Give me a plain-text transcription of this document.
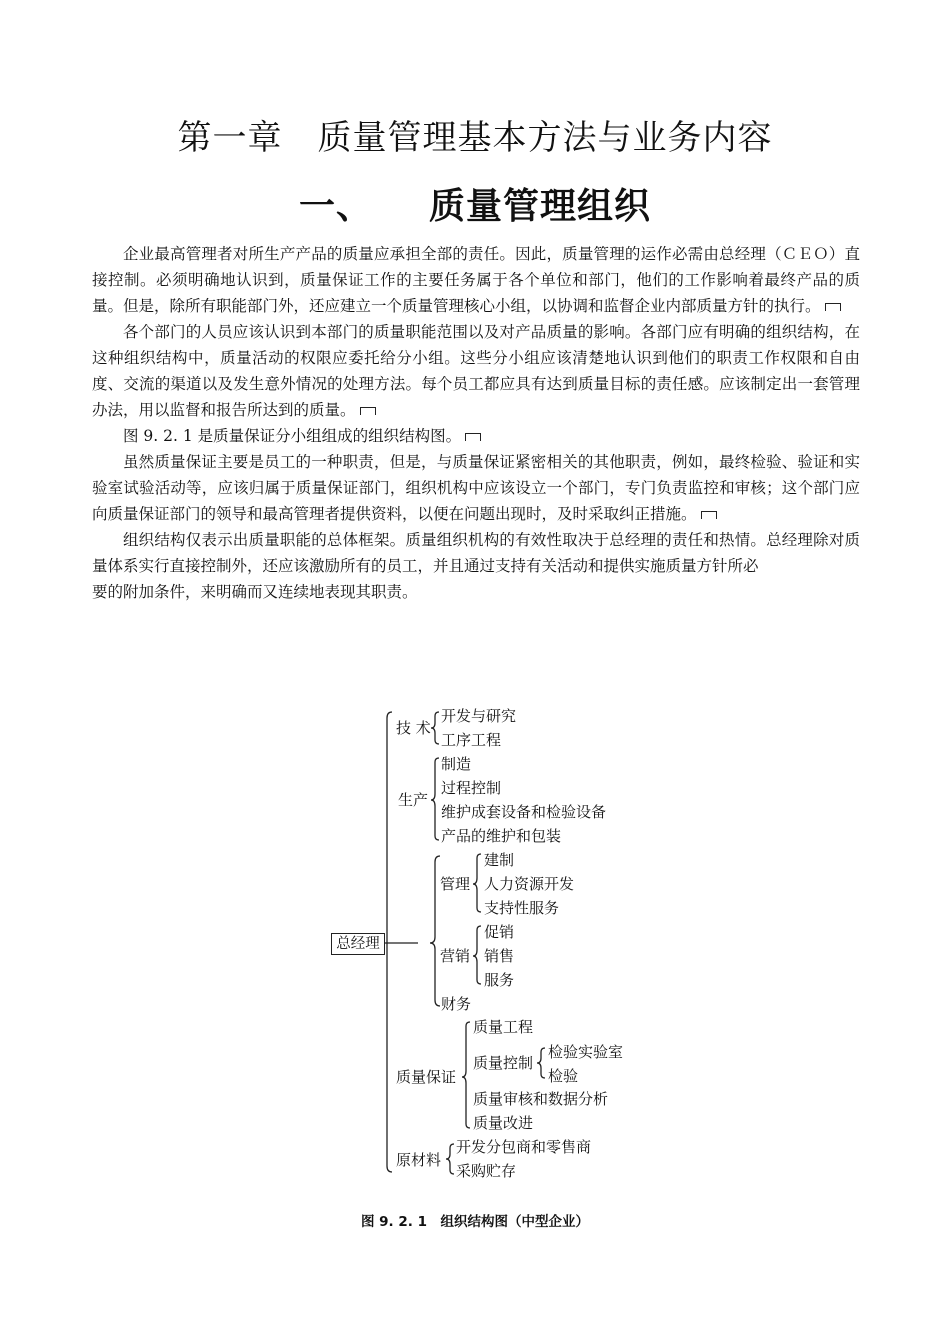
第一章　质量管理基本方法与业务内容
一、 质量管理组织

企业最高管理者对所生产产品的质量应承担全部的责任。因此，质量管理的运作必需由总经理（ＣＥＯ）直接控制。必须明确地认识到，质量保证工作的主要任务属于各个单位和部门，他们的工作影响着最终产品的质量。但是，除所有职能部门外，还应建立一个质量管理核心小组，以协调和监督企业内部质量方针的执行。

各个部门的人员应该认识到本部门的质量职能范围以及对产品质量的影响。各部门应有明确的组织结构，在这种组织结构中，质量活动的权限应委托给分小组。这些分小组应该清楚地认识到他们的职责工作权限和自由度、交流的渠道以及发生意外情况的处理方法。每个员工都应具有达到质量目标的责任感。应该制定出一套管理办法，用以监督和报告所达到的质量。

图 9. 2. 1 是质量保证分小组组成的组织结构图。

虽然质量保证主要是员工的一种职责，但是，与质量保证紧密相关的其他职责，例如，最终检验、验证和实验室试验活动等，应该归属于质量保证部门，组织机构中应该设立一个部门，专门负责监控和审核；这个部门应向质量保证部门的领导和最高管理者提供资料，以便在问题出现时，及时采取纠正措施。

组织结构仅表示出质量职能的总体框架。质量组织机构的有效性取决于总经理的责任和热情。总经理除对质量体系实行直接控制外，还应该激励所有的员工，并且通过支持有关活动和提供实施质量方针所必

要的附加条件，来明确而又连续地表现其职责。

总经理
技 术
开发与研究
工序工程
生产
制造
过程控制
维护成套设备和检验设备
产品的维护和包装
管理
建制
人力资源开发
支持性服务
营销
促销
销售
服务
财务
质量保证
质量工程
质量控制
质量审核和数据分析
质量改进
检验实验室
检验
原材料
开发分包商和零售商
采购贮存
图 9. 2. 1　组织结构图（中型企业）
